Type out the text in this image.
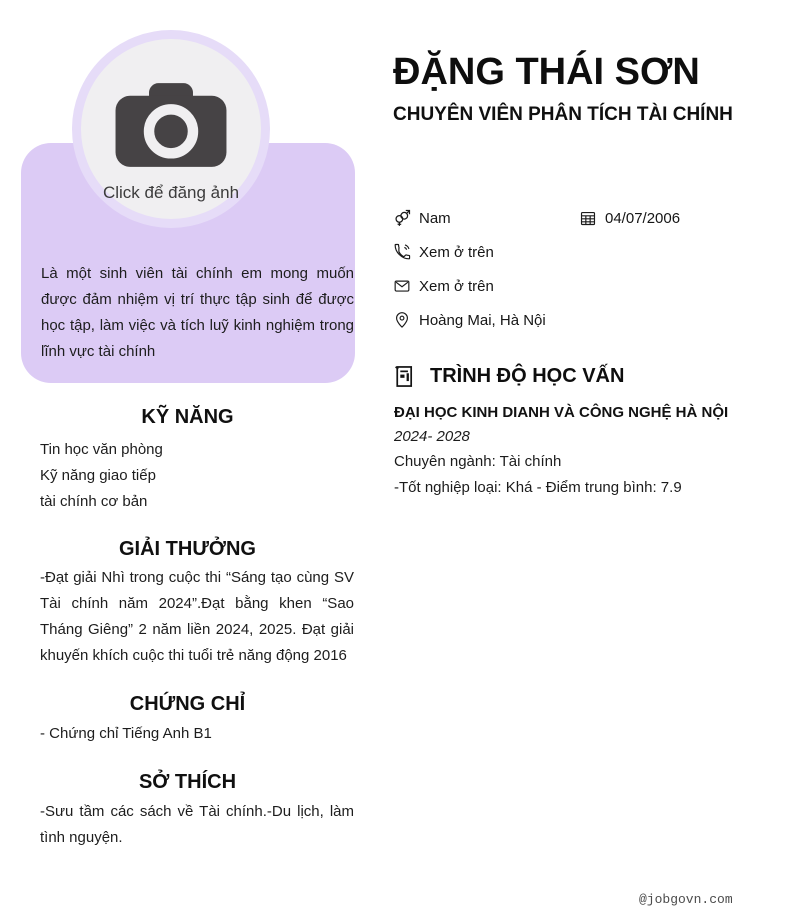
Click để đăng ảnh
Là một sinh viên tài chính em mong muốn được đảm nhiệm vị trí thực tập sinh để được học tập, làm việc và tích luỹ kinh nghiệm trong lĩnh vực tài chính
KỸ NĂNG
Tin học văn phòng
Kỹ năng giao tiếp
tài chính cơ bản
GIẢI THƯỞNG
-Đạt giải Nhì trong cuộc thi “Sáng tạo cùng SV Tài chính năm 2024”.Đạt bằng khen “Sao Tháng Giêng” 2 năm liền 2024, 2025. Đạt giải khuyến khích cuộc thi tuổi trẻ năng động 2016
CHỨNG CHỈ
- Chứng chỉ Tiếng Anh B1
SỞ THÍCH
-Sưu tầm các sách về Tài chính.-Du lịch, làm tình nguyện.
ĐẶNG THÁI SƠN
CHUYÊN VIÊN PHÂN TÍCH TÀI CHÍNH
Nam	04/07/2006
Xem ở trên
Xem ở trên
Hoàng Mai, Hà Nội
TRÌNH ĐỘ HỌC VẤN
ĐẠI HỌC KINH DIANH VÀ CÔNG NGHỆ HÀ NỘI
2024- 2028
Chuyên ngành: Tài chính
-Tốt nghiệp loại: Khá - Điểm trung bình: 7.9
@jobgovn.com
